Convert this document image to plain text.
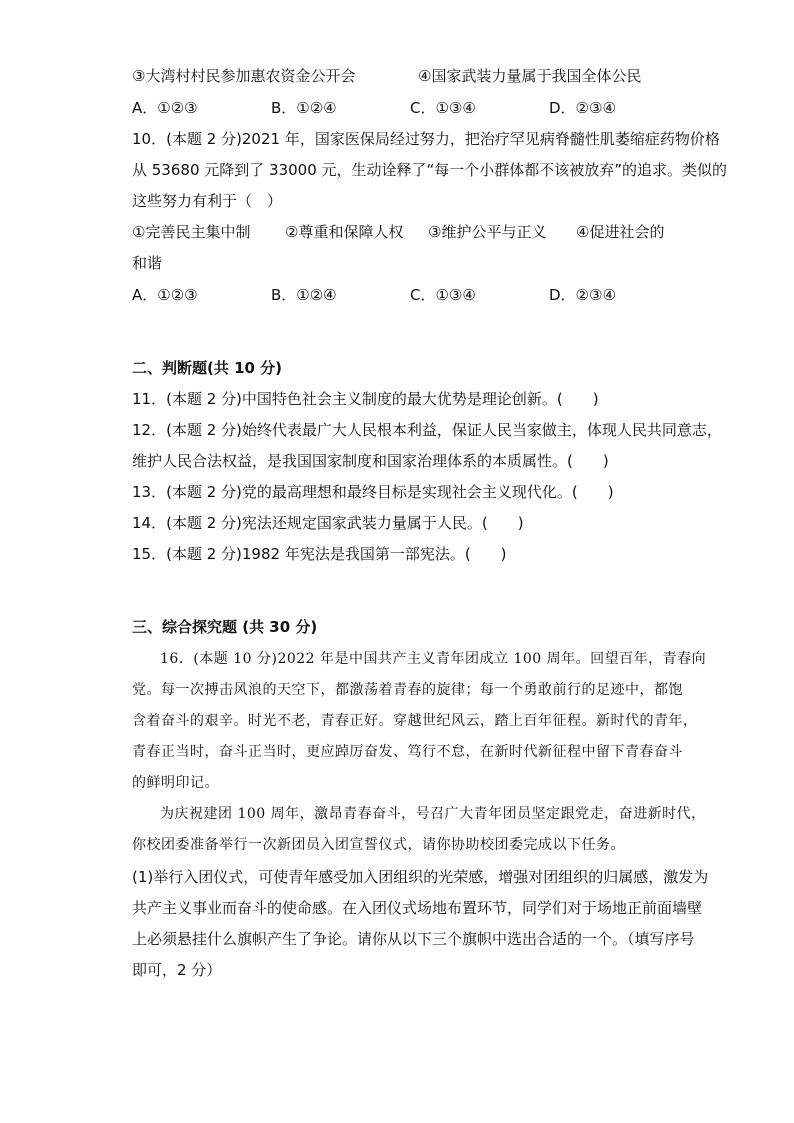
③大湾村村民参加惠农资金公开会	④国家武装力量属于我国全体公民
A．①②③	B．①②④	C．①③④	D．②③④
10．(本题 2 分)2021 年，国家医保局经过努力，把治疗罕见病脊髓性肌萎缩症药物价格
从 53680 元降到了 33000 元，生动诠释了“每一个小群体都不该被放弃”的追求。类似的
这些努力有利于（　）
①完善民主集中制 ②尊重和保障人权 ③维护公平与正义 ④促进社会的
和谐
A．①②③	B．①②④	C．①③④	D．②③④
二、判断题(共 10 分)
11．(本题 2 分)中国特色社会主义制度的最大优势是理论创新。(　　)
12．(本题 2 分)始终代表最广大人民根本利益，保证人民当家做主，体现人民共同意志，
维护人民合法权益，是我国国家制度和国家治理体系的本质属性。(　　)
13．(本题 2 分)党的最高理想和最终目标是实现社会主义现代化。(　　)
14．(本题 2 分)宪法还规定国家武装力量属于人民。(　　)
15．(本题 2 分)1982 年宪法是我国第一部宪法。(　　)
三、综合探究题 (共 30 分)
16．(本题 10 分)2022 年是中国共产主义青年团成立 100 周年。回望百年，青春向
党。每一次搏击风浪的天空下，都激荡着青春的旋律；每一个勇敢前行的足迹中，都饱
含着奋斗的艰辛。时光不老，青春正好。穿越世纪风云，踏上百年征程。新时代的青年，
青春正当时，奋斗正当时，更应踔厉奋发、笃行不怠，在新时代新征程中留下青春奋斗
的鲜明印记。
为庆祝建团 100 周年，激昂青春奋斗，号召广大青年团员坚定跟党走，奋进新时代，
你校团委准备举行一次新团员入团宣誓仪式，请你协助校团委完成以下任务。
(1)举行入团仪式，可使青年感受加入团组织的光荣感，增强对团组织的归属感，激发为
共产主义事业而奋斗的使命感。在入团仪式场地布置环节，同学们对于场地正前面墙壁
上必须悬挂什么旗帜产生了争论。请你从以下三个旗帜中选出合适的一个。（填写序号
即可，2 分）
